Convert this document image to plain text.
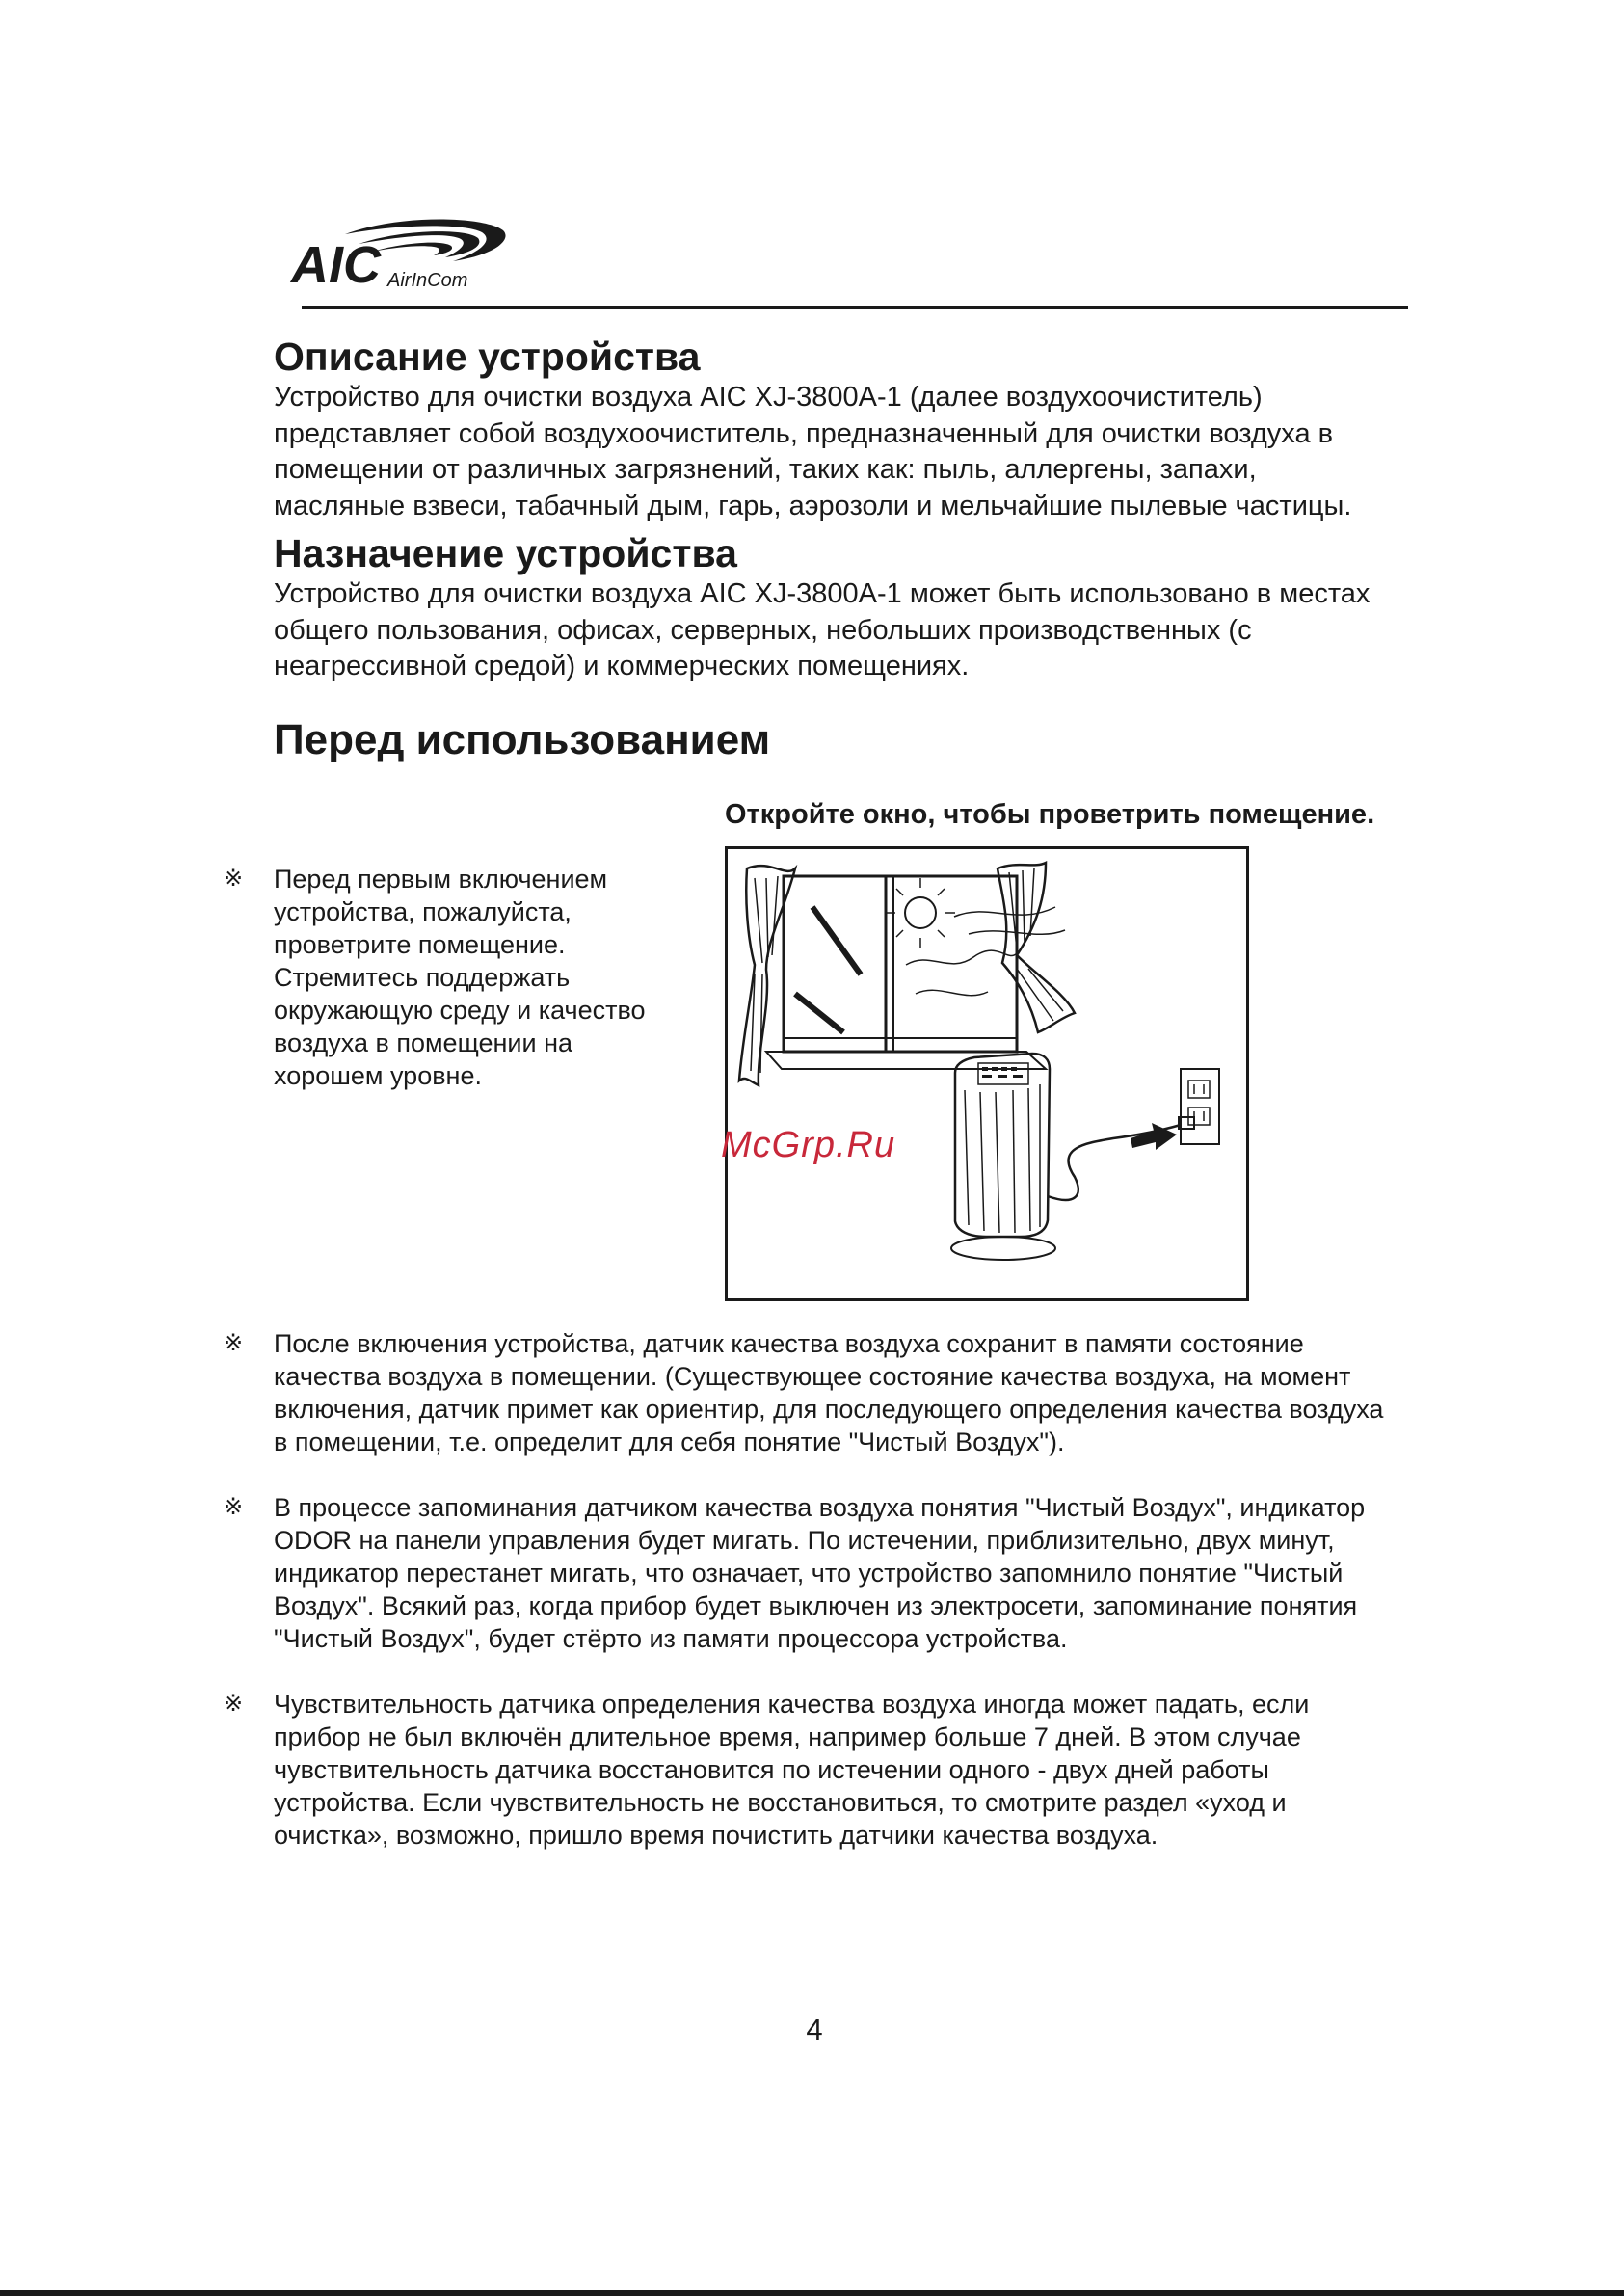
AIC AirInCom
Описание устройства

Устройство для очистки воздуха AIC XJ-3800A-1 (далее воздухоочиститель)

представляет собой воздухоочиститель, предназначенный для очистки воздуха в

помещении от различных загрязнений, таких как: пыль, аллергены, запахи,

масляные взвеси, табачный дым, гарь, аэрозоли и мельчайшие пылевые частицы.

Назначение устройства

Устройство для очистки воздуха AIC XJ-3800A-1 может быть использовано в местах

общего пользования, офисах, серверных, небольших производственных (с

неагрессивной средой) и коммерческих помещениях.

Перед использованием
Откройте окно, чтобы проветрить помещение.
※ Перед первым включением

устройства, пожалуйста,

проветрите помещение.

Стремитесь поддержать

окружающую среду и качество

воздуха в помещении на

хорошем уровне.

McGrp.Ru
※ После включения устройства, датчик качества воздуха сохранит в памяти состояние

качества воздуха в помещении. (Существующее состояние качества воздуха, на момент

включения, датчик примет как ориентир, для последующего определения качества воздуха

в помещении, т.е. определит для себя понятие "Чистый Воздух").

※ В процессе запоминания датчиком качества воздуха понятия "Чистый Воздух", индикатор

ODOR на панели управления будет мигать. По истечении, приблизительно, двух минут,

индикатор перестанет мигать, что означает, что устройство запомнило понятие "Чистый

Воздух". Всякий раз, когда прибор будет выключен из электросети, запоминание понятия

"Чистый Воздух", будет стёрто из памяти процессора устройства.

※ Чувствительность датчика определения качества воздуха иногда может падать, если

прибор не был включён длительное время, например больше 7 дней. В этом случае

чувствительность датчика восстановится по истечении одного - двух дней работы

устройства. Если чувствительность не восстановиться, то смотрите раздел «уход и

очистка», возможно, пришло время почистить датчики качества воздуха.

4
